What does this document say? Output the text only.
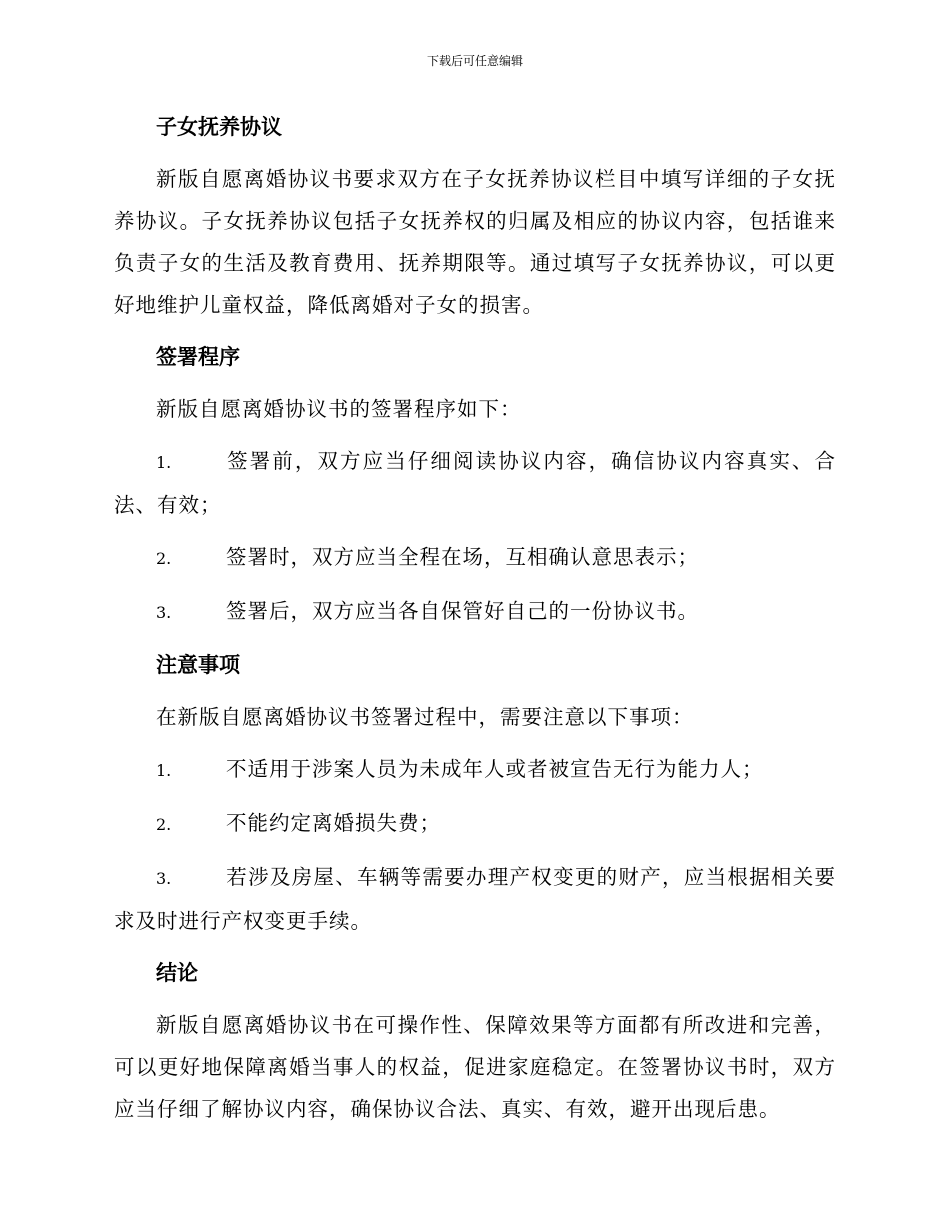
下载后可任意编辑
子女抚养协议

新版自愿离婚协议书要求双方在子女抚养协议栏目中填写详细的子女抚养协议。子女抚养协议包括子女抚养权的归属及相应的协议内容，包括谁来负责子女的生活及教育费用、抚养期限等。通过填写子女抚养协议，可以更好地维护儿童权益，降低离婚对子女的损害。

签署程序

新版自愿离婚协议书的签署程序如下：

1.	签署前，双方应当仔细阅读协议内容，确信协议内容真实、合法、有效；

2.	签署时，双方应当全程在场，互相确认意思表示；

3.	签署后，双方应当各自保管好自己的一份协议书。

注意事项

在新版自愿离婚协议书签署过程中，需要注意以下事项：

1.	不适用于涉案人员为未成年人或者被宣告无行为能力人；

2.	不能约定离婚损失费；

3.	若涉及房屋、车辆等需要办理产权变更的财产，应当根据相关要求及时进行产权变更手续。

结论

新版自愿离婚协议书在可操作性、保障效果等方面都有所改进和完善，可以更好地保障离婚当事人的权益，促进家庭稳定。在签署协议书时，双方应当仔细了解协议内容，确保协议合法、真实、有效，避开出现后患。
